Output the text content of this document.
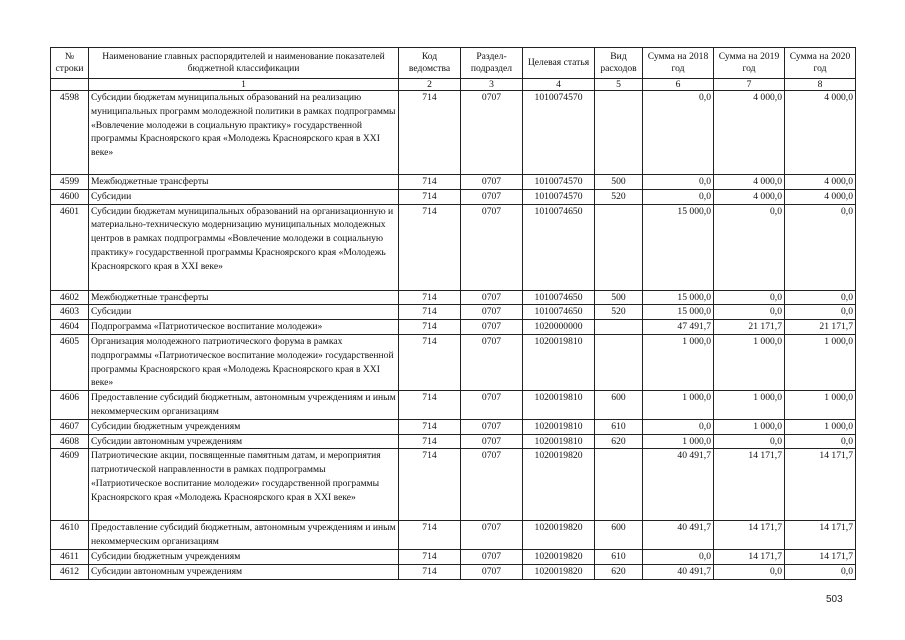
№ строки	Наименование главных распорядителей и наименование показателей бюджетной классификации	Код ведомства	Раздел-подраздел	Целевая статья	Вид расходов	Сумма на 2018 год	Сумма на 2019 год	Сумма на 2020 год
	1	2	3	4	5	6	7	8
4598	Субсидии бюджетам муниципальных образований на реализацию муниципальных программ молодежной политики в рамках подпрограммы «Вовлечение молодежи в социальную практику» государственной программы Красноярского края «Молодежь Красноярского края в XXI веке»	714	0707	1010074570		0,0	4 000,0	4 000,0
4599	Межбюджетные трансферты	714	0707	1010074570	500	0,0	4 000,0	4 000,0
4600	Субсидии	714	0707	1010074570	520	0,0	4 000,0	4 000,0
4601	Субсидии бюджетам муниципальных образований на организационную и материально-техническую модернизацию муниципальных молодежных центров в рамках подпрограммы «Вовлечение молодежи в социальную практику» государственной программы Красноярского края «Молодежь Красноярского края в XXI веке»	714	0707	1010074650		15 000,0	0,0	0,0
4602	Межбюджетные трансферты	714	0707	1010074650	500	15 000,0	0,0	0,0
4603	Субсидии	714	0707	1010074650	520	15 000,0	0,0	0,0
4604	Подпрограмма «Патриотическое воспитание молодежи»	714	0707	1020000000		47 491,7	21 171,7	21 171,7
4605	Организация молодежного патриотического форума в рамках подпрограммы «Патриотическое воспитание молодежи» государственной программы Красноярского края «Молодежь Красноярского края в XXI веке»	714	0707	1020019810		1 000,0	1 000,0	1 000,0
4606	Предоставление субсидий бюджетным, автономным учреждениям и иным некоммерческим организациям	714	0707	1020019810	600	1 000,0	1 000,0	1 000,0
4607	Субсидии бюджетным учреждениям	714	0707	1020019810	610	0,0	1 000,0	1 000,0
4608	Субсидии автономным учреждениям	714	0707	1020019810	620	1 000,0	0,0	0,0
4609	Патриотические акции, посвященные памятным датам, и мероприятия патриотической направленности в рамках подпрограммы «Патриотическое воспитание молодежи» государственной программы Красноярского края «Молодежь Красноярского края в XXI веке»	714	0707	1020019820		40 491,7	14 171,7	14 171,7
4610	Предоставление субсидий бюджетным, автономным учреждениям и иным некоммерческим организациям	714	0707	1020019820	600	40 491,7	14 171,7	14 171,7
4611	Субсидии бюджетным учреждениям	714	0707	1020019820	610	0,0	14 171,7	14 171,7
4612	Субсидии автономным учреждениям	714	0707	1020019820	620	40 491,7	0,0	0,0
503
